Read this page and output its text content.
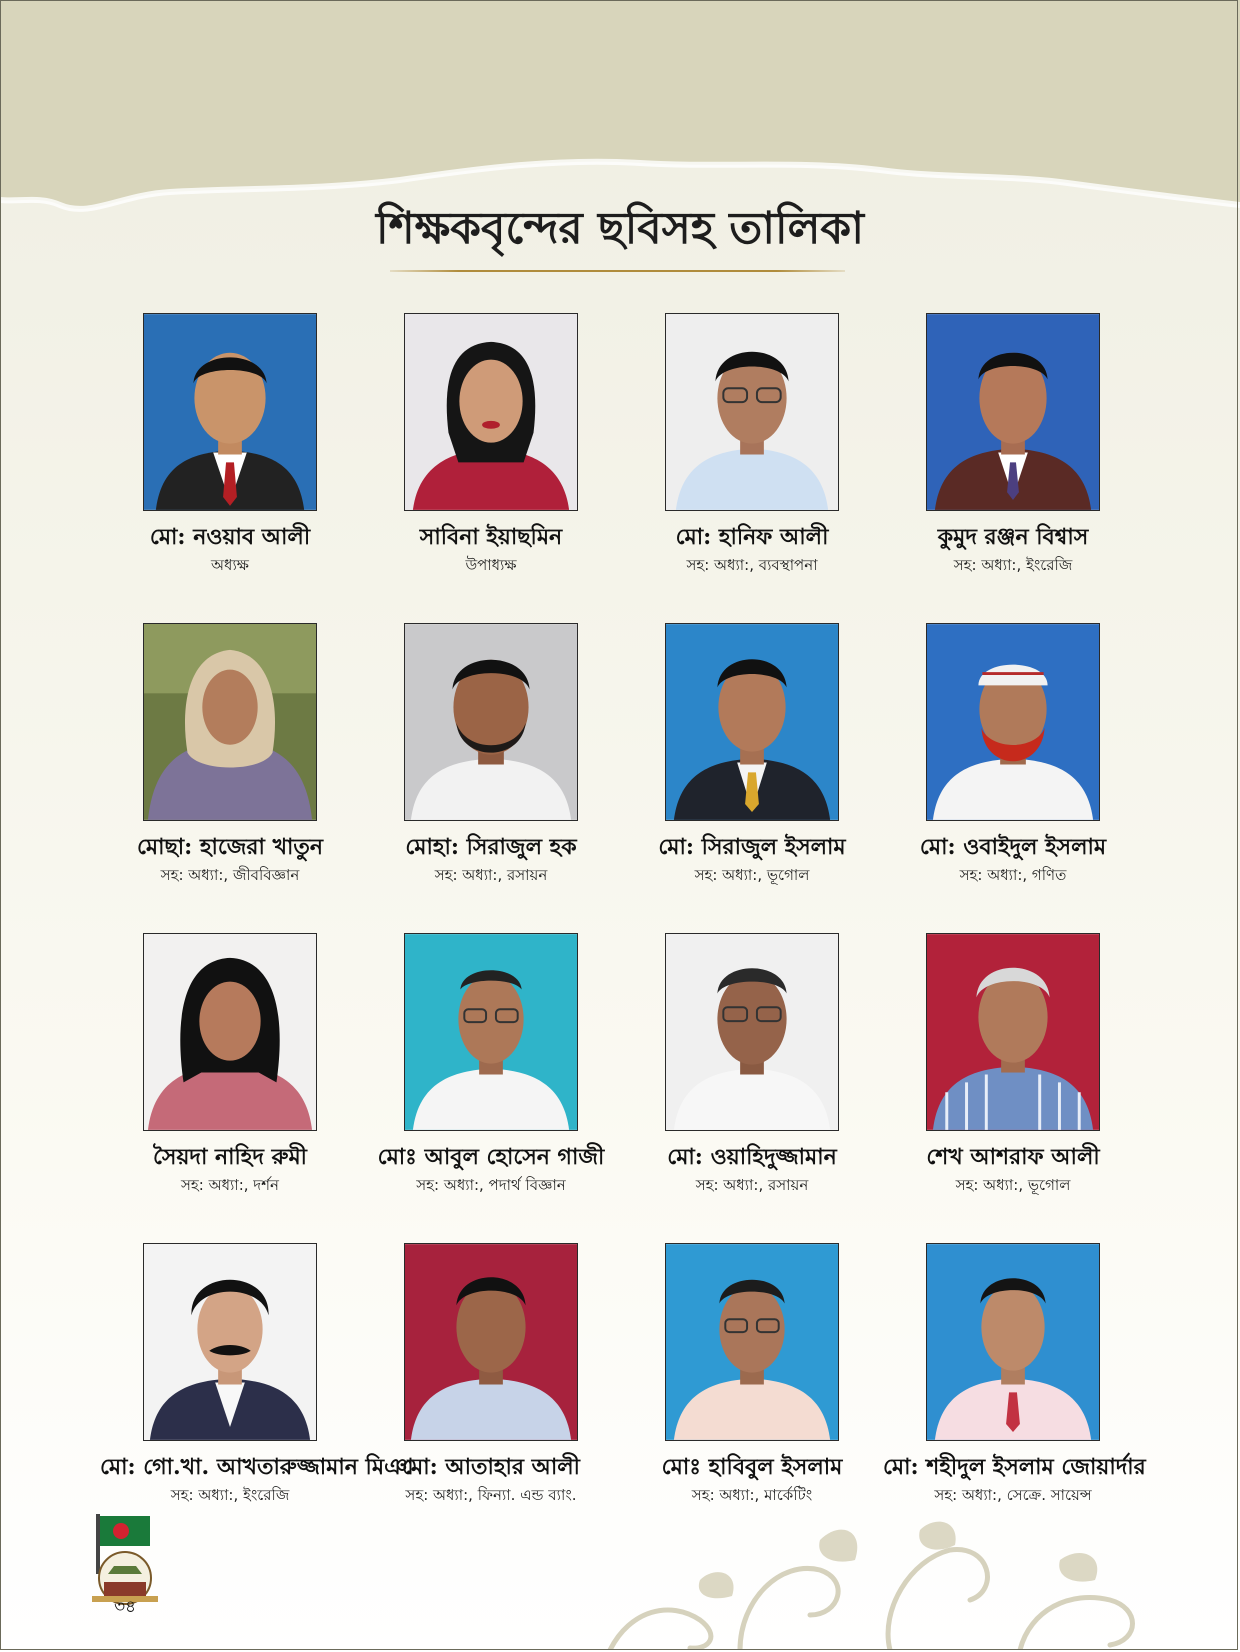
শিক্ষকবৃন্দের ছবিসহ তালিকা
মো: নওয়াব আলী
অধ্যক্ষ
সাবিনা ইয়াছমিন
উপাধ্যক্ষ
মো: হানিফ আলী
সহ: অধ্যা:, ব্যবস্থাপনা
কুমুদ রঞ্জন বিশ্বাস
সহ: অধ্যা:, ইংরেজি
মোছা: হাজেরা খাতুন
সহ: অধ্যা:, জীববিজ্ঞান
মোহা: সিরাজুল হক
সহ: অধ্যা:, রসায়ন
মো: সিরাজুল ইসলাম
সহ: অধ্যা:, ভূগোল
মো: ওবাইদুল ইসলাম
সহ: অধ্যা:, গণিত
সৈয়দা নাহিদ রুমী
সহ: অধ্যা:, দর্শন
মোঃ আবুল হোসেন গাজী
সহ: অধ্যা:, পদার্থ বিজ্ঞান
মো: ওয়াহিদুজ্জামান
সহ: অধ্যা:, রসায়ন
শেখ আশরাফ আলী
সহ: অধ্যা:, ভূগোল
মো: গো.খা. আখতারুজ্জামান মিঞা
সহ: অধ্যা:, ইংরেজি
মো: আতাহার আলী
সহ: অধ্যা:, ফিন্যা. এন্ড ব্যাং.
মোঃ হাবিবুল ইসলাম
সহ: অধ্যা:, মার্কেটিং
মো: শহীদুল ইসলাম জোয়ার্দার
সহ: অধ্যা:, সেক্রে. সায়েন্স
৩৪
